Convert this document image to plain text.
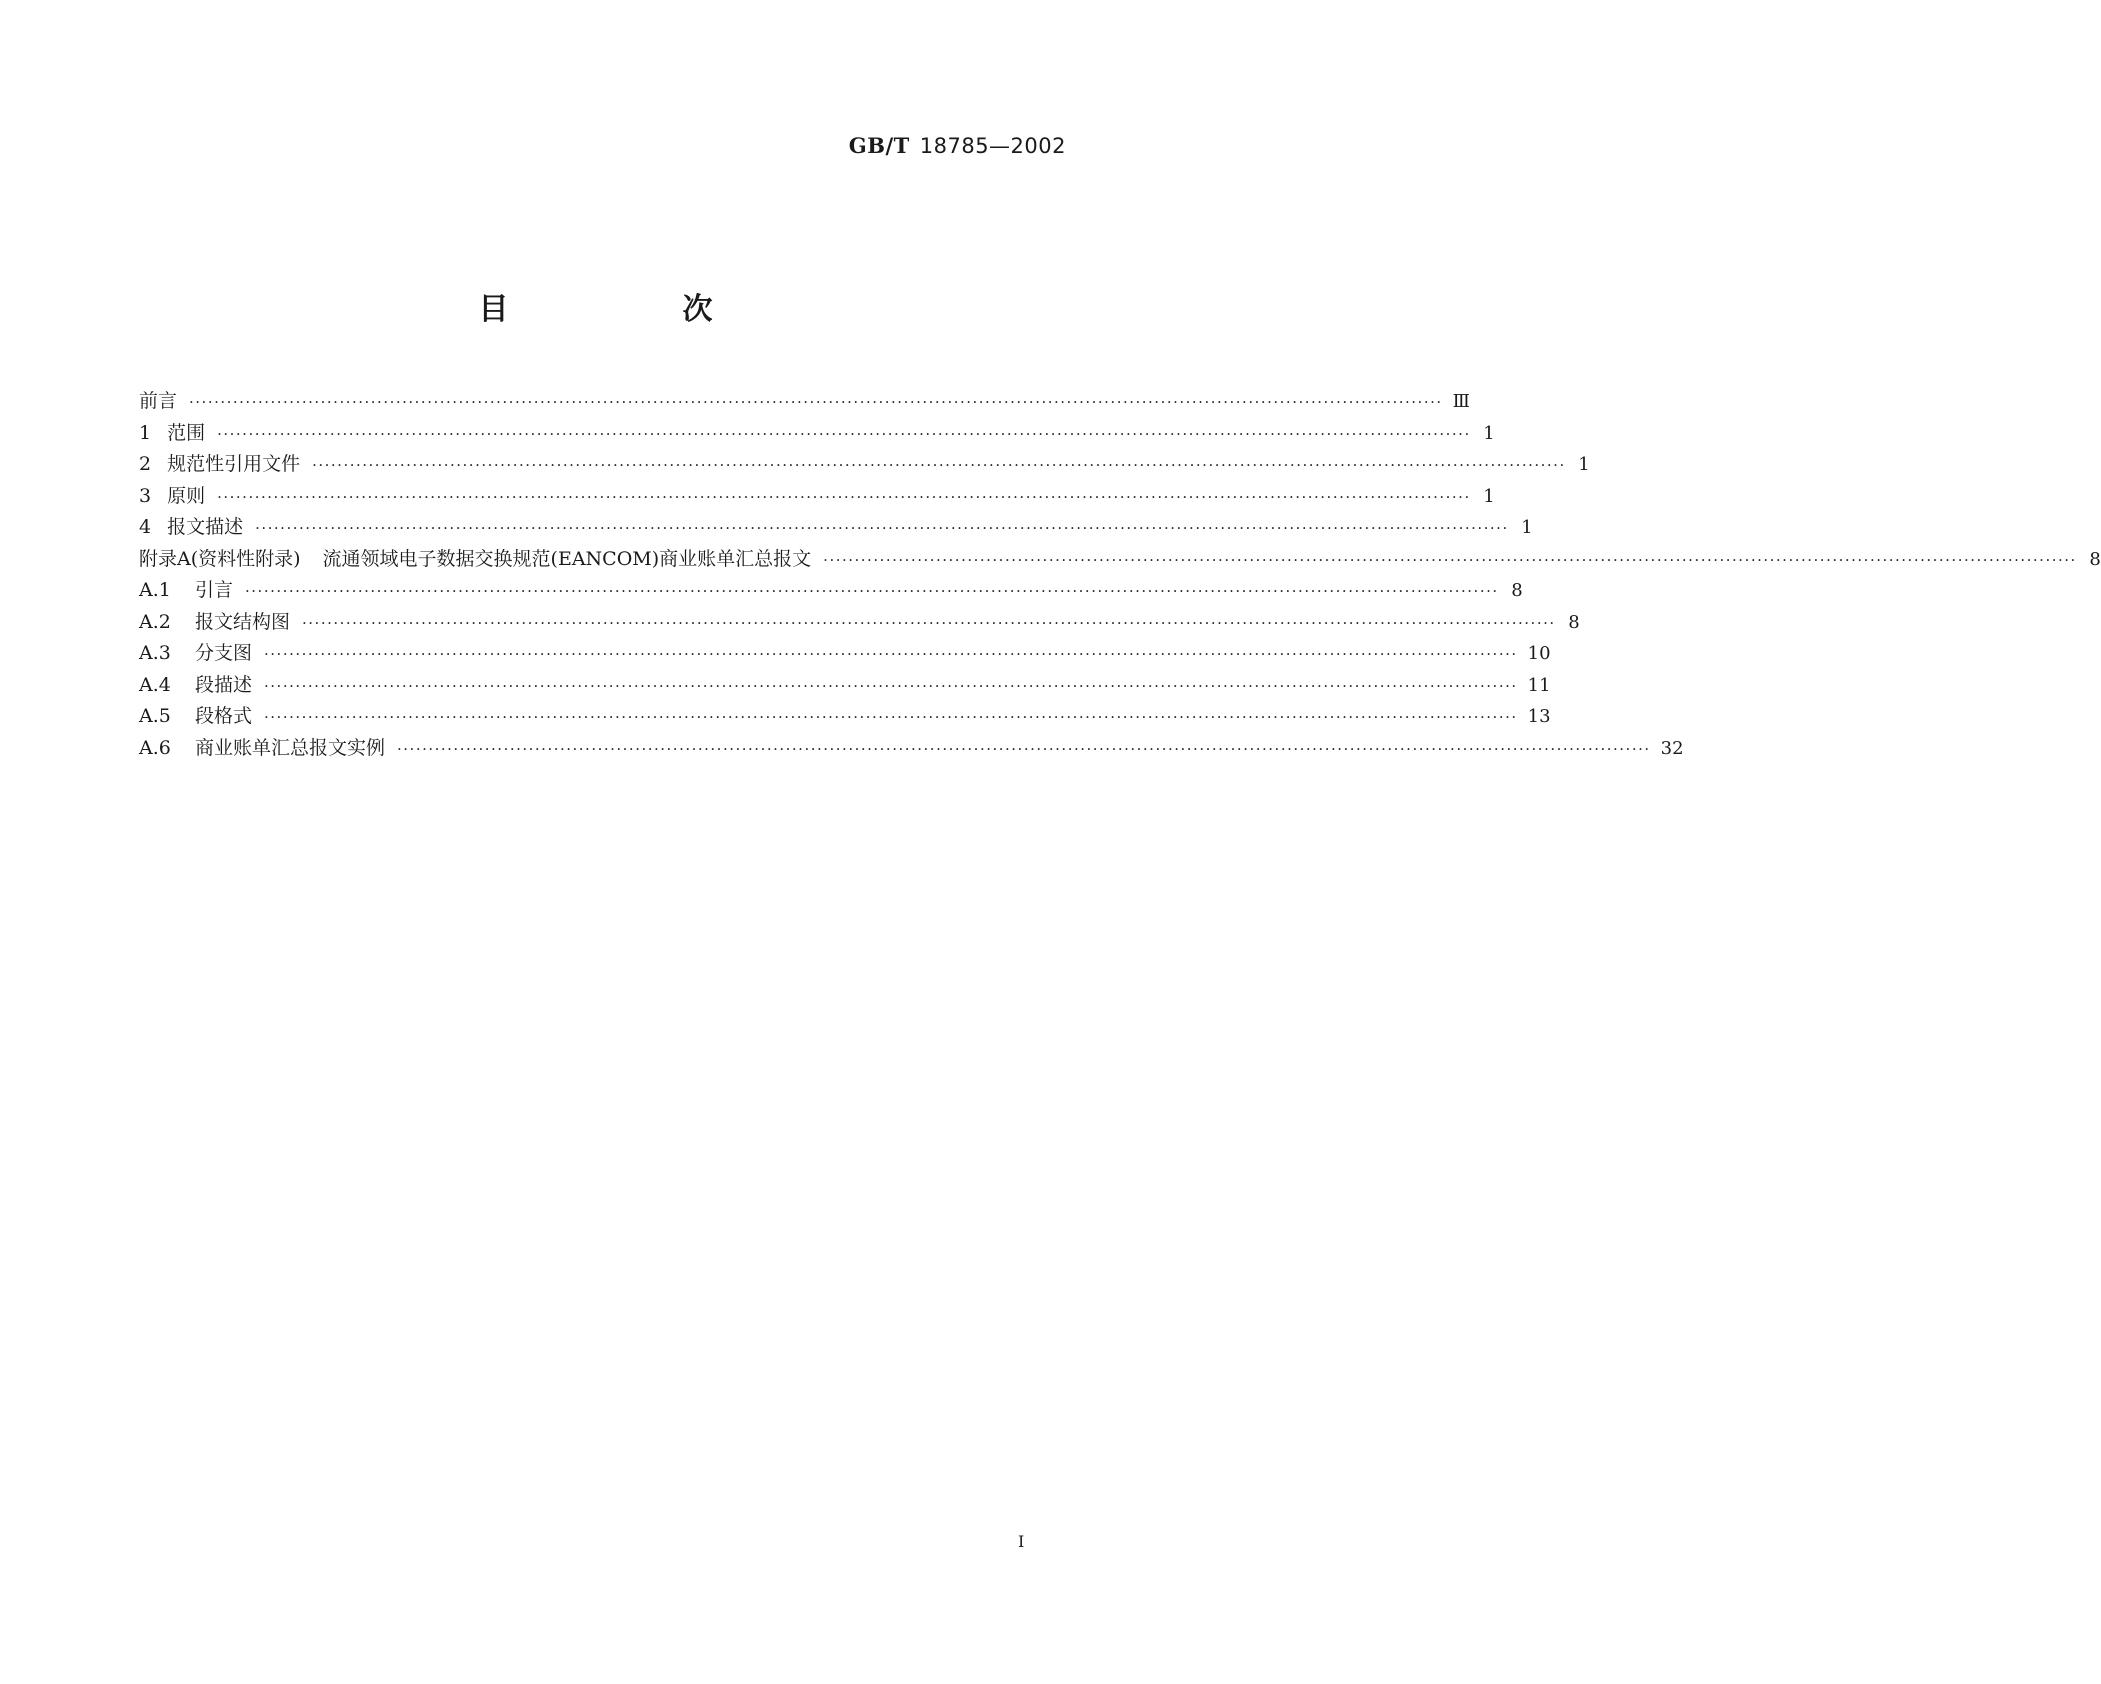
GB/T 18785—2002
目　次
前言 ········································································································································································································ Ⅲ
1 范围 ········································································································································································································ 1
2 规范性引用文件 ········································································································································································································ 1
3 原则 ········································································································································································································ 1
4 报文描述 ········································································································································································································ 1
附录A(资料性附录) 流通领域电子数据交换规范(EANCOM)商业账单汇总报文 ········································································································································································································ 8
A.1 引言 ········································································································································································································ 8
A.2 报文结构图 ········································································································································································································ 8
A.3 分支图 ········································································································································································································ 10
A.4 段描述 ········································································································································································································ 11
A.5 段格式 ········································································································································································································ 13
A.6 商业账单汇总报文实例 ········································································································································································································ 32
I
